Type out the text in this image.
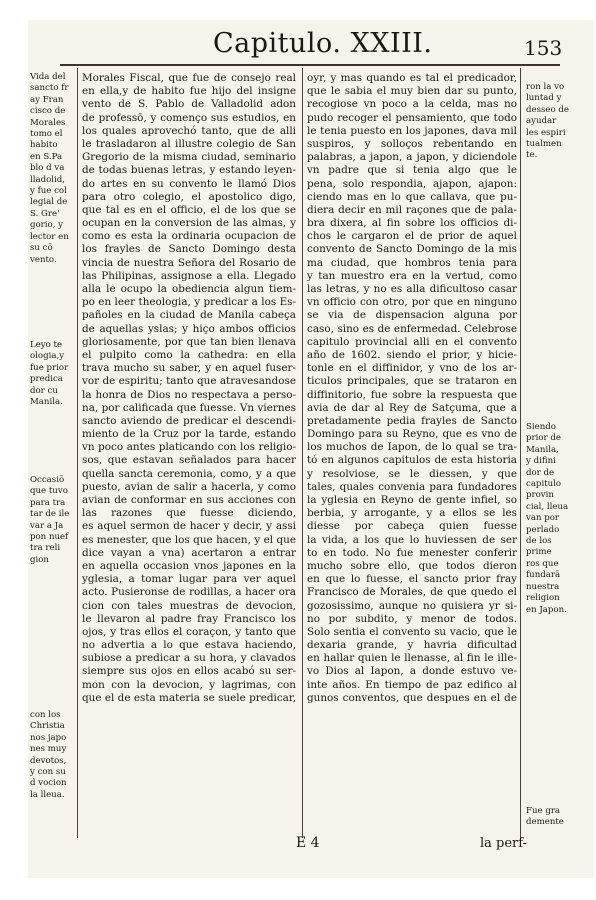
Capitulo. XXIII.	153
Vida del
sancto fr
ay Fran
cisco de
Morales
tomo el
habito
en S.Pa
blo d va
lladolid,
y fue col
legial de
S. Gre'
gorio, y
lector en
su cō
vento.
Leyo te
ologia,y
fue prior
predica
dor cu
Manila.
Occasiō
que tuvo
para tra
tar de ile
var a Ja
pon nuef
tra reli
gion
con los
Christia
nos japo
nes muy
devotos,
y con su
d vocion
la lleua.
ron la vo
luntad y
desseo de
ayudar
les espiri
tualmen
te.
Siendo
prior de
Manila,
y difini
dor de
capitulo
provin
cial, lleua
van por
perlado
de los
prime
ros que
fundarā
nuestra
religion
en Japon.
Fue gra
demente
Morales Fiscal, que fue de consejo real
en ella,y de habito fue hijo del insigne
vento de S. Pablo de Valladolid adon
de professō, y començo sus estudios, en
los quales aprovechó tanto, que de alli
le trasladaron al illustre colegio de San
Gregorio de la misma ciudad, seminario
de todas buenas letras, y estando leyen-
do artes en su convento le llamó Dios
para otro colegio, el apostolico digo,
que tal es en el officio, el de los que se
ocupan en la conversion de las almas, y
como es esta la ordinaria ocupacion de
los frayles de Sancto Domingo desta
vincia de nuestra Señora del Rosario de
las Philipinas, assignose a ella. Llegado
alla le ocupo la obediencia algun tiem-
po en leer theologia, y predicar a los Es-
pañoles en la ciudad de Manila cabeça
de aquellas yslas; y hiço ambos officios
gloriosamente, por que tan bien llenava
el pulpito como la cathedra: en ella
trava mucho su saber, y en aquel fuser-
vor de espiritu; tanto que atravesandose
la honra de Dios no respectava a perso-
na, por calificada que fuesse. Vn viernes
sancto aviendo de predicar el descendi-
miento de la Cruz por la tarde, estando
vn poco antes platicando con los religio-
sos, que estavan señalados para hacer
quella sancta ceremonia, como, y a que
puesto, avian de salir a hacerla, y como
avian de conformar en sus acciones con
las razones que fuesse diciendo,
es aquel sermon de hacer y decir, y assi
es menester, que los que hacen, y el que
dice vayan a vna) acertaron a entrar
en aquella occasion vnos japones en la
yglesia, a tomar lugar para ver aquel
acto. Pusieronse de rodillas, a hacer ora
cion con tales muestras de devocion,
le llevaron al padre fray Francisco los
ojos, y tras ellos el coraçon, y tanto que
no advertia a lo que estava haciendo,
subiose a predicar a su hora, y clavados
siempre sus ojos en ellos acabó su ser-
mon con la devocion, y lagrimas, con
que el de esta materia se suele predicar,
oyr, y mas quando es tal el predicador,
que le sabia el muy bien dar su punto,
recogiose vn poco a la celda, mas no
pudo recoger el pensamiento, que todo
le tenia puesto en los japones, dava mil
suspiros, y solloços rebentando en
palabras, a japon, a japon, y diciendole
vn padre que si tenia algo que le
pena, solo respondia, ajapon, ajapon:
ciendo mas en lo que callava, que pu-
diera decir en mil raçones que de pala-
bra dixera, al fin sobre los officios di-
chos le cargaron el de prior de aquel
convento de Sancto Domingo de la mis
ma ciudad, que hombros tenia para
y tan muestro era en la vertud, como
las letras, y no es alla dificultoso casar
vn officio con otro, por que en ninguno
se via de dispensacion alguna por
caso, sino es de enfermedad. Celebrose
capitulo provincial alli en el convento
año de 1602. siendo el prior, y hicie-
tonle en el diffinidor, y vno de los ar-
ticulos principales, que se trataron en
diffinitorio, fue sobre la respuesta que
avia de dar al Rey de Satçuma, que a
pretadamente pedia frayles de Sancto
Domingo para su Reyno, que es vno de
los muchos de Iapon, de lo qual se tra-
tó en algunos capitulos de esta historia
y resolviose, se le diessen, y que
tales, quales convenia para fundadores
la yglesia en Reyno de gente infiel, so
berbia, y arrogante, y a ellos se les
diesse por cabeça quien fuesse
la vida, a los que lo huviessen de ser
to en todo. No fue menester conferir
mucho sobre ello, que todos dieron
en que lo fuesse, el sancto prior fray
Francisco de Morales, de que quedo el
gozosissimo, aunque no quisiera yr si-
no por subdito, y menor de todos.
Solo sentia el convento su vacio, que le
dexaria grande, y havria dificultad
en hallar quien le llenasse, al fin le ille-
vo Dios al Iapon, a donde estuvo ve-
inte años. En tiempo de paz edifico al
gunos conventos, que despues en el de
E 4	la perf-
